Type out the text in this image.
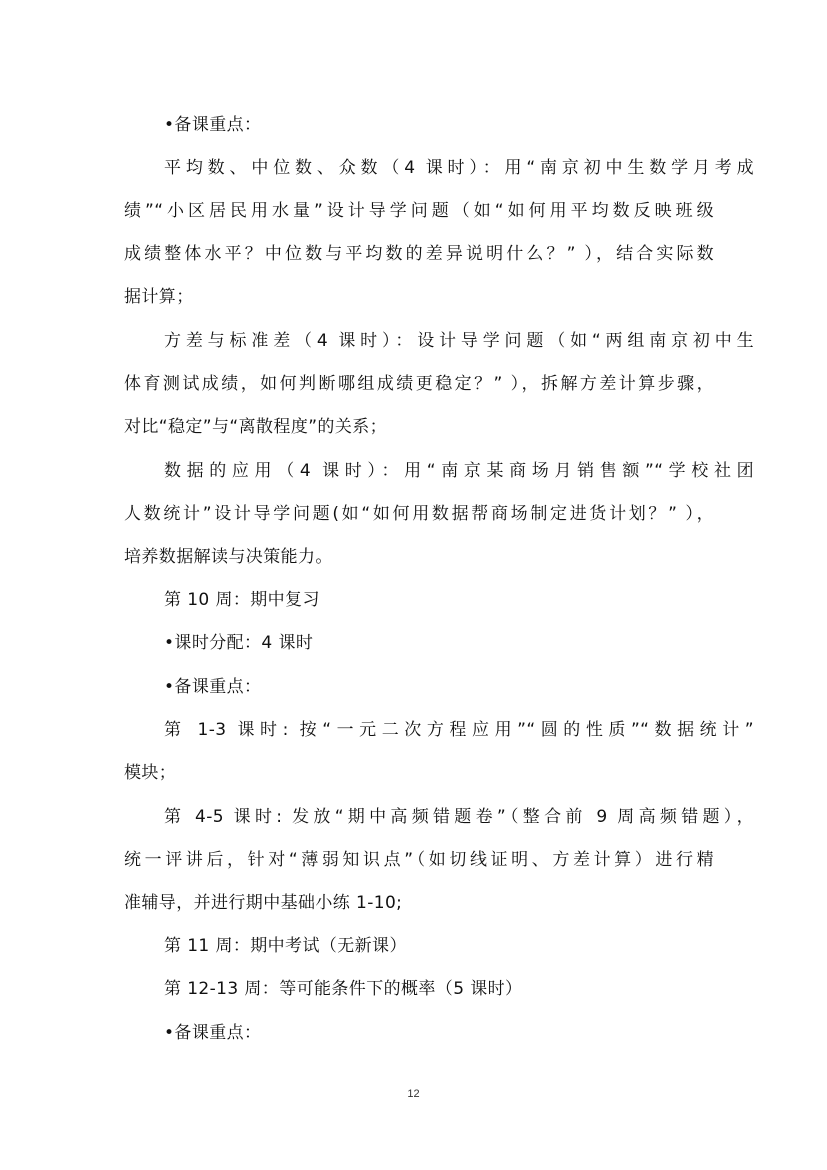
•备课重点：
平均数、中位数、众数（4 课时）：用“南京初中生数学月考成
绩”“小区居民用水量”设计导学问题（如“如何用平均数反映班级
成绩整体水平？中位数与平均数的差异说明什么？” ），结合实际数
据计算；
方差与标准差（4 课时）：设计导学问题（如“两组南京初中生
体育测试成绩，如何判断哪组成绩更稳定？” ），拆解方差计算步骤，
对比“稳定”与“离散程度”的关系；
数据的应用（4 课时）：用“南京某商场月销售额”“学校社团
人数统计”设计导学问题(如“如何用数据帮商场制定进货计划？” ），
培养数据解读与决策能力。
第 10 周：期中复习
•课时分配：4 课时
•备课重点：
第 1-3 课时: 按“一元二次方程应用”“圆的性质”“数据统计”
模块；
第 4-5 课时: 发放“期中高频错题卷”（整合前 9 周高频错题），
统一评讲后，针对“薄弱知识点”（如切线证明、方差计算）进行精
准辅导，并进行期中基础小练 1-10;
第 11 周：期中考试（无新课）
第 12-13 周：等可能条件下的概率（5 课时）
•备课重点：
12
